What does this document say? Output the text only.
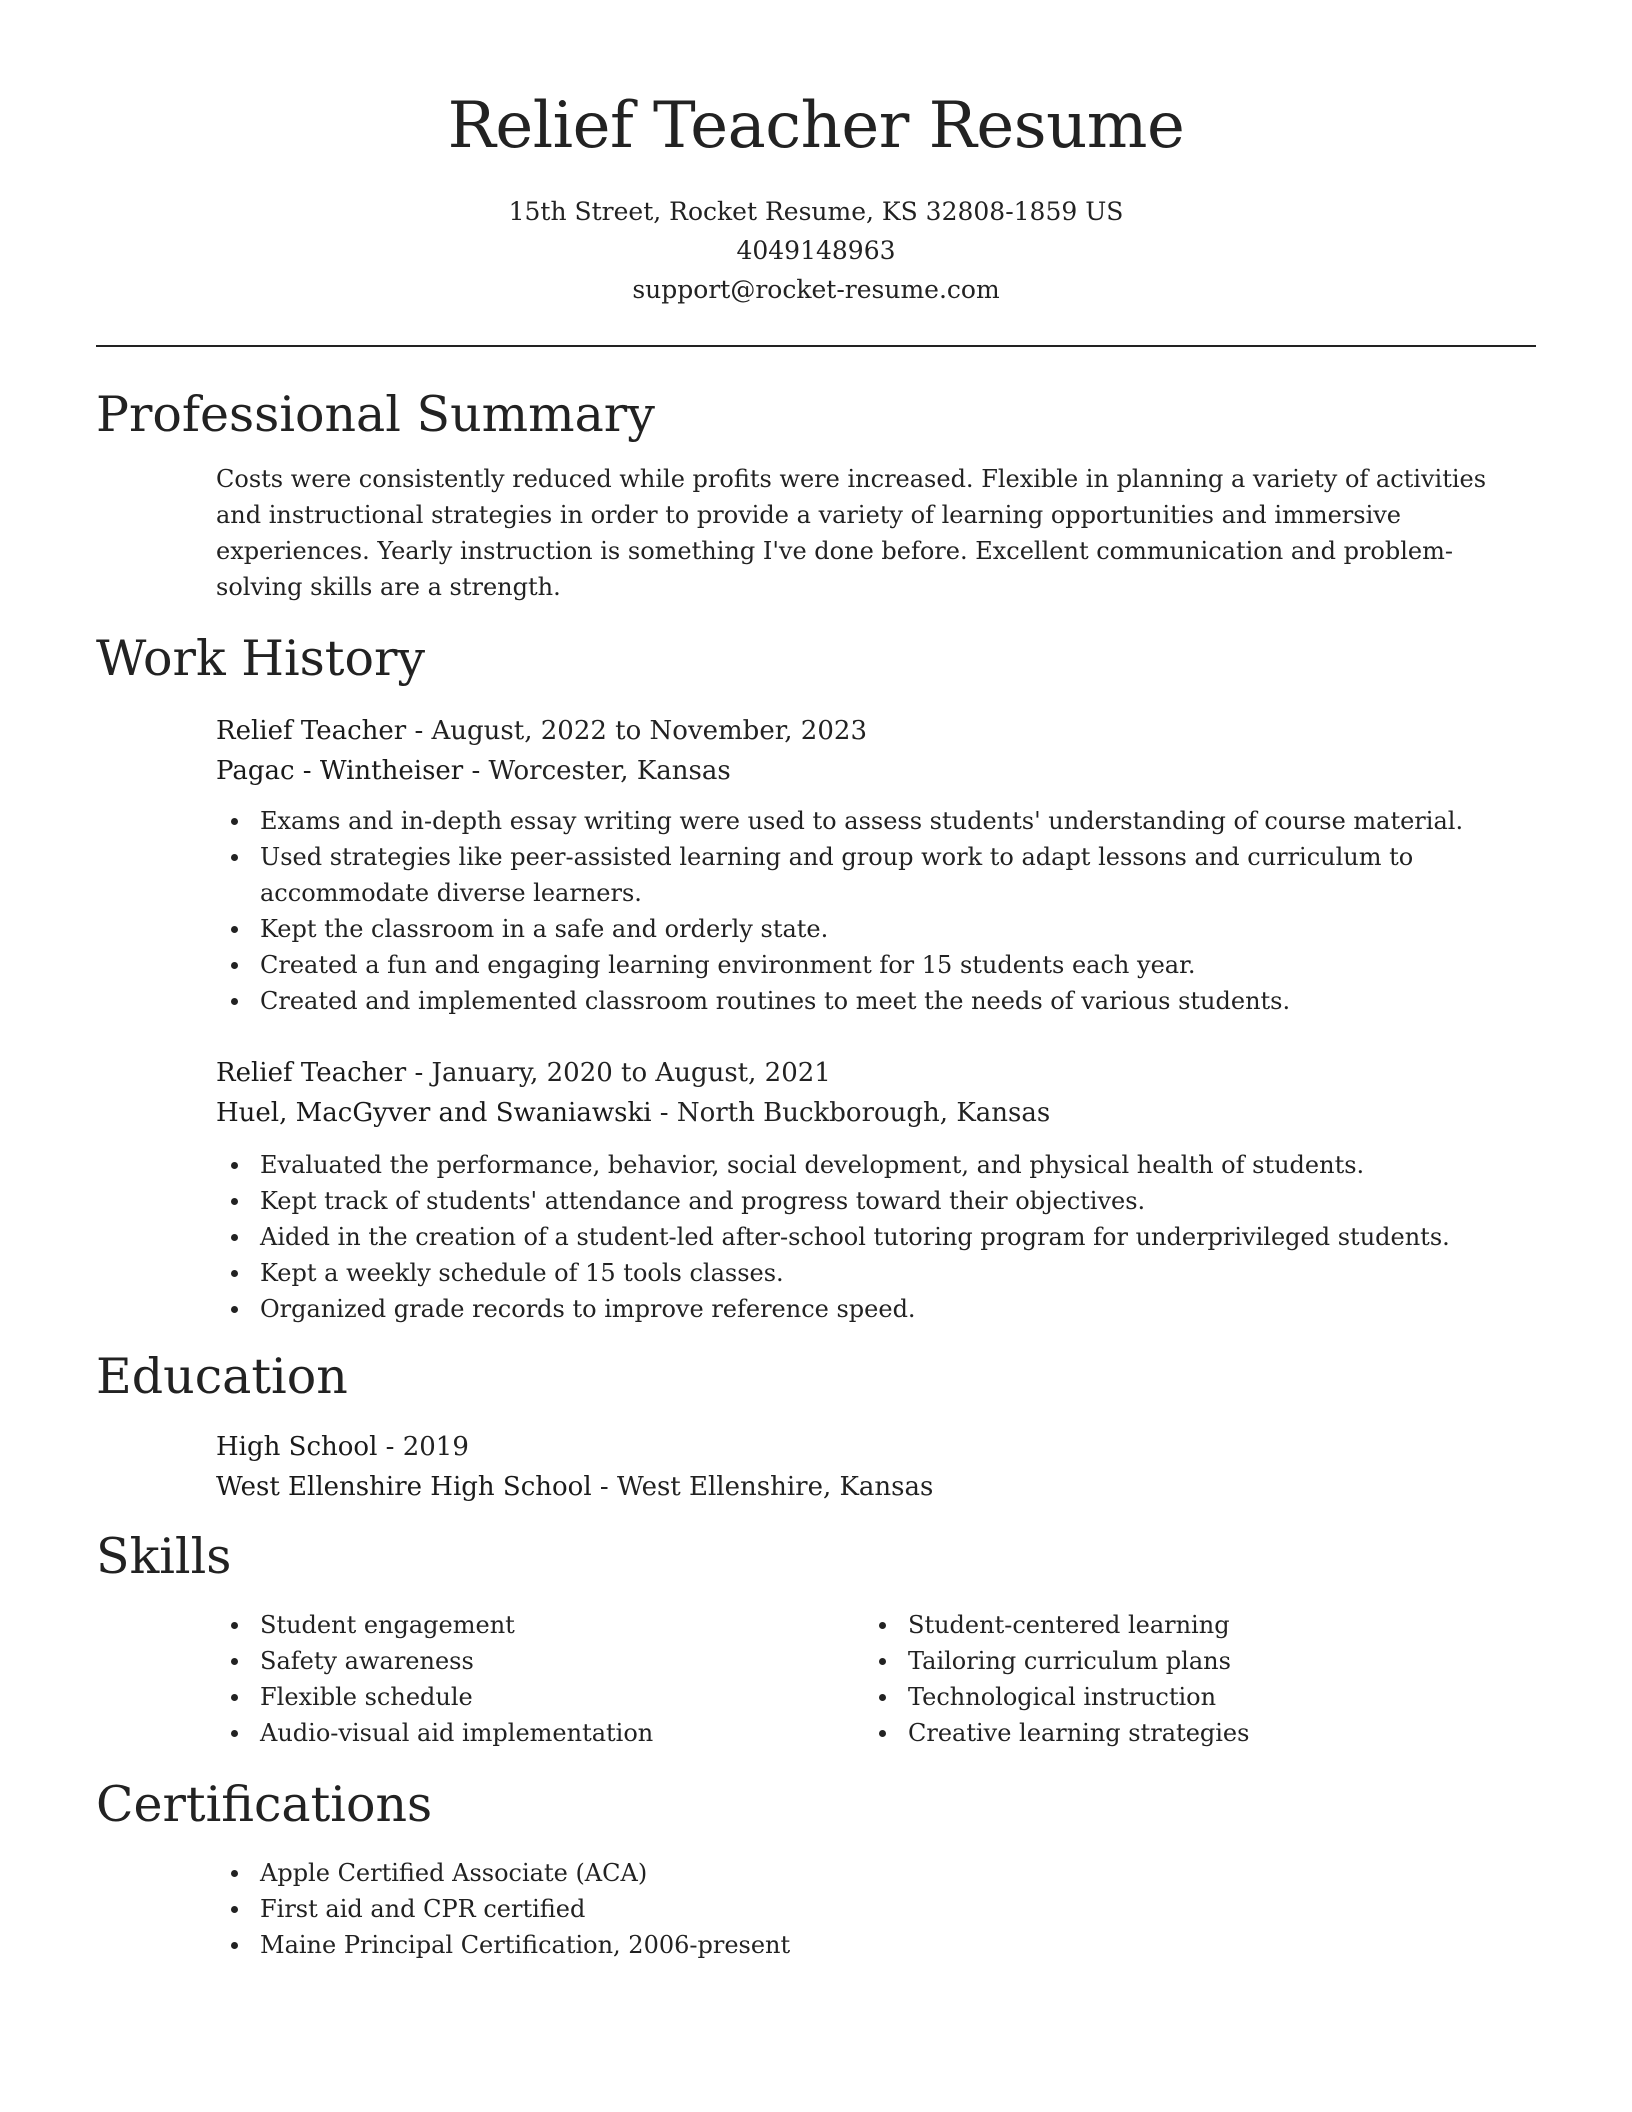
Relief Teacher Resume
15th Street, Rocket Resume, KS 32808-1859 US
4049148963
support@rocket-resume.com
Professional Summary

Costs were consistently reduced while profits were increased. Flexible in planning a variety of activities and instructional strategies in order to provide a variety of learning opportunities and immersive experiences. Yearly instruction is something I've done before. Excellent communication and problem-solving skills are a strength.

Work History
Relief Teacher - August, 2022 to November, 2023
Pagac - Wintheiser - Worcester, Kansas
Exams and in-depth essay writing were used to assess students' understanding of course material.
Used strategies like peer-assisted learning and group work to adapt lessons and curriculum to accommodate diverse learners.
Kept the classroom in a safe and orderly state.
Created a fun and engaging learning environment for 15 students each year.
Created and implemented classroom routines to meet the needs of various students.
Relief Teacher - January, 2020 to August, 2021
Huel, MacGyver and Swaniawski - North Buckborough, Kansas
Evaluated the performance, behavior, social development, and physical health of students.
Kept track of students' attendance and progress toward their objectives.
Aided in the creation of a student-led after-school tutoring program for underprivileged students.
Kept a weekly schedule of 15 tools classes.
Organized grade records to improve reference speed.
Education
High School - 2019
West Ellenshire High School - West Ellenshire, Kansas
Skills
Student engagement
Safety awareness
Flexible schedule
Audio-visual aid implementation
Student-centered learning
Tailoring curriculum plans
Technological instruction
Creative learning strategies
Certifications
Apple Certified Associate (ACA)
First aid and CPR certified
Maine Principal Certification, 2006-present
